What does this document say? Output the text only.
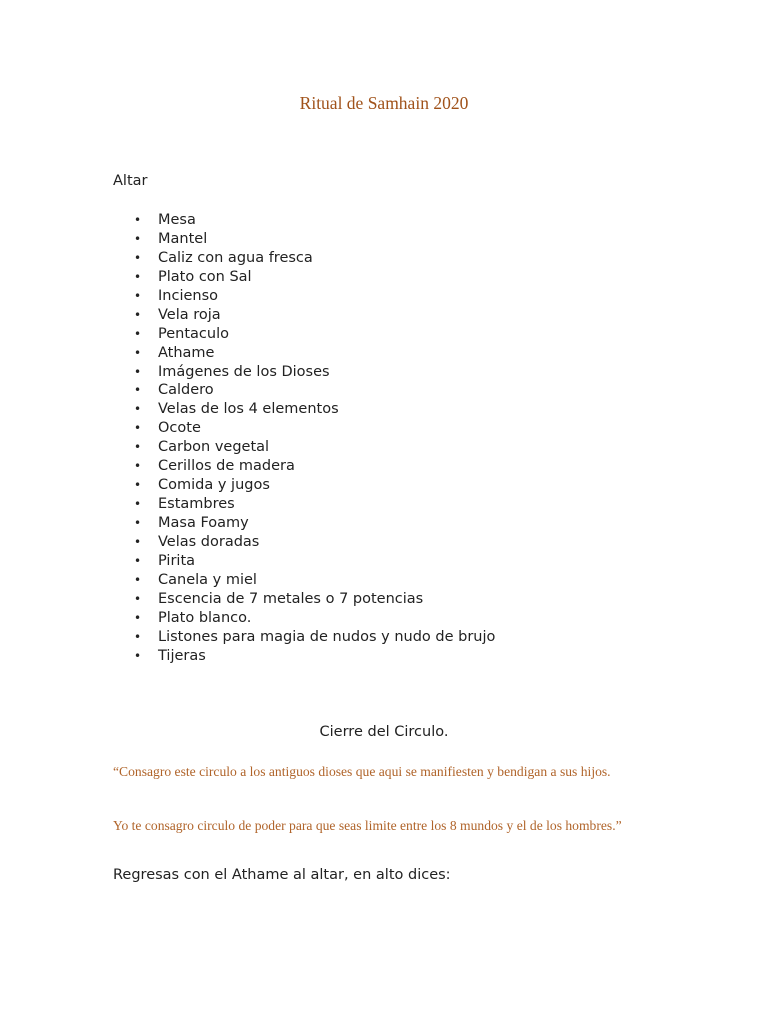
Ritual de Samhain 2020

Altar

• Mesa
• Mantel
• Caliz con agua fresca
• Plato con Sal
• Incienso
• Vela roja
• Pentaculo
• Athame
• Imágenes de los Dioses
• Caldero
• Velas de los 4 elementos
• Ocote
• Carbon vegetal
• Cerillos de madera
• Comida y jugos
• Estambres
• Masa Foamy
• Velas doradas
• Pirita
• Canela y miel
• Escencia de 7 metales o 7 potencias
• Plato blanco.
• Listones para magia de nudos y nudo de brujo
• Tijeras
Cierre del Circulo.

“Consagro este circulo a los antiguos dioses que aqui se manifiesten y bendigan a sus hijos.

Yo te consagro circulo de poder para que seas limite entre los 8 mundos y el de los hombres.”

Regresas con el Athame al altar, en alto dices:
